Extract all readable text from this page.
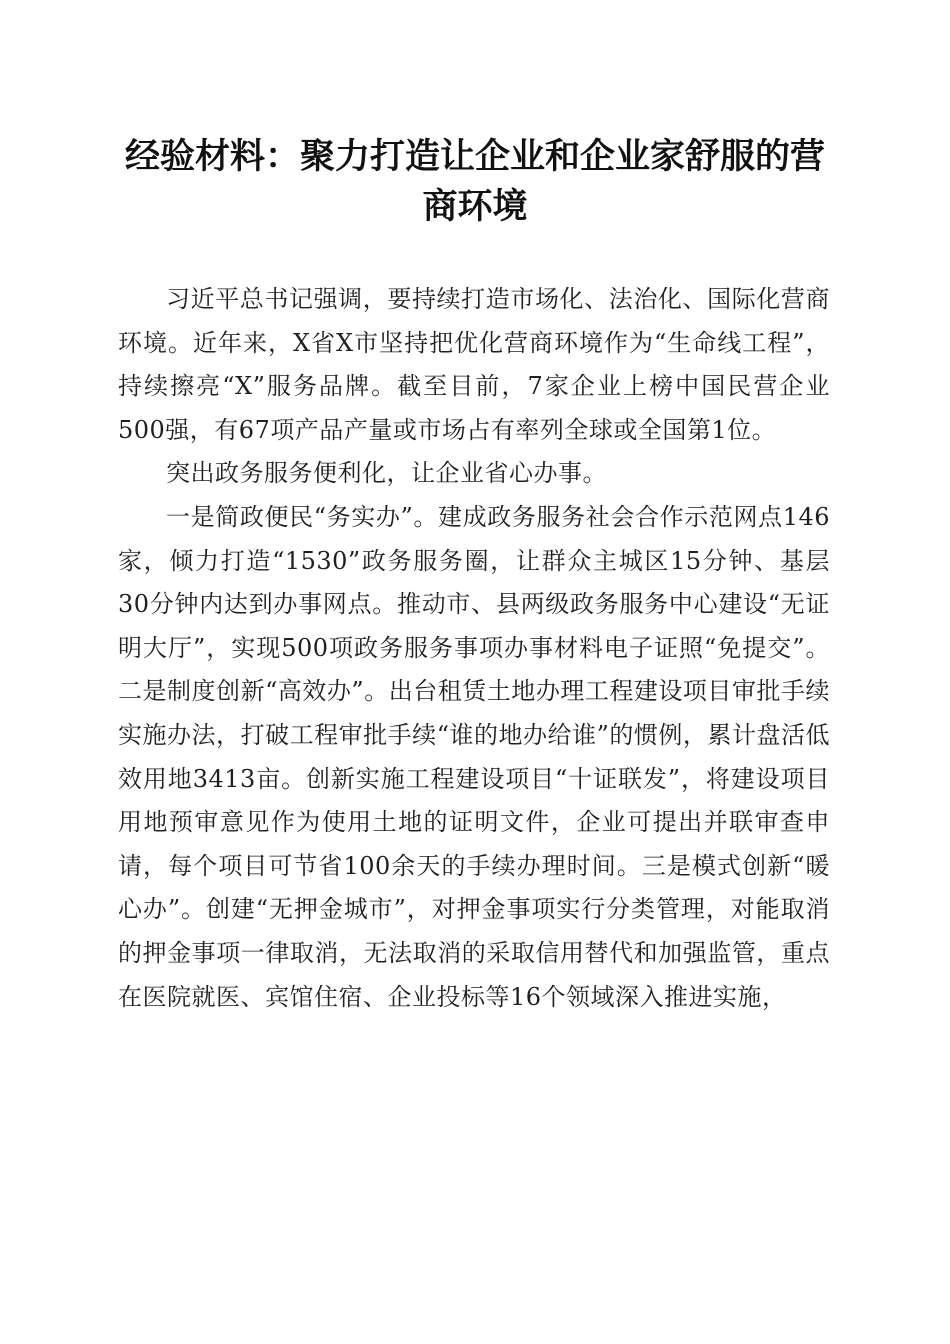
经验材料：聚力打造让企业和企业家舒服的营商环境

习近平总书记强调，要持续打造市场化、法治化、国际化营商环境。近年来，X省X市坚持把优化营商环境作为“生命线工程”，持续擦亮“X”服务品牌。截至目前，7家企业上榜中国民营企业500强，有67项产品产量或市场占有率列全球或全国第1位。

突出政务服务便利化，让企业省心办事。

一是简政便民“务实办”。建成政务服务社会合作示范网点146家，倾力打造“1530”政务服务圈，让群众主城区15分钟、基层30分钟内达到办事网点。推动市、县两级政务服务中心建设“无证明大厅”，实现500项政务服务事项办事材料电子证照“免提交”。二是制度创新“高效办”。出台租赁土地办理工程建设项目审批手续实施办法，打破工程审批手续“谁的地办给谁”的惯例，累计盘活低效用地3413亩。创新实施工程建设项目“十证联发”，将建设项目用地预审意见作为使用土地的证明文件，企业可提出并联审查申请，每个项目可节省100余天的手续办理时间。三是模式创新“暖心办”。创建“无押金城市”，对押金事项实行分类管理，对能取消的押金事项一律取消，无法取消的采取信用替代和加强监管，重点在医院就医、宾馆住宿、企业投标等16个领域深入推进实施，
